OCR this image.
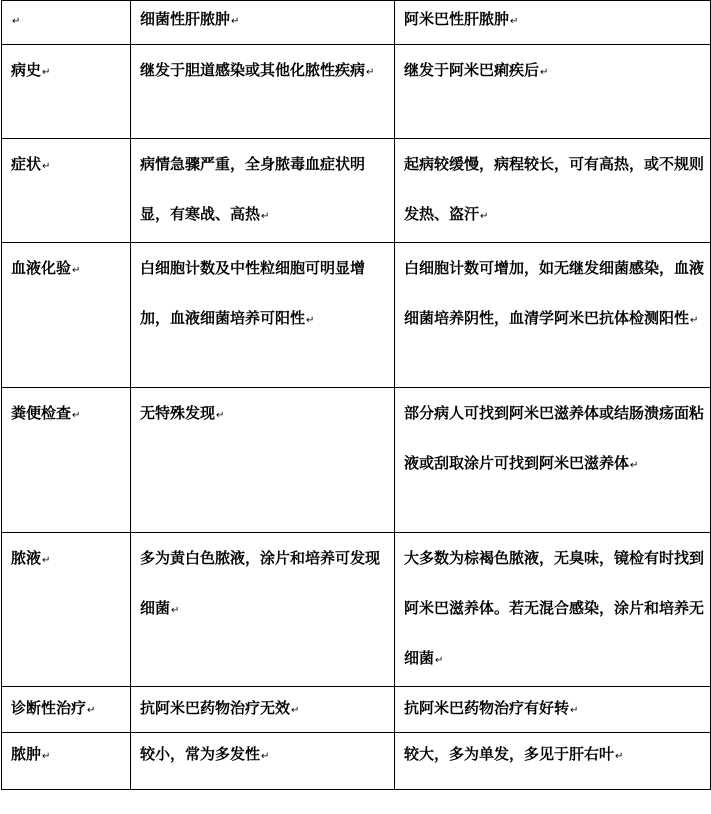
↵	细菌性肝脓肿↵	阿米巴性肝脓肿↵
病史↵	继发于胆道感染或其他化脓性疾病↵	继发于阿米巴痢疾后↵
症状↵	病情急骤严重，全身脓毒血症状明显，有寒战、高热↵	起病较缓慢，病程较长，可有高热，或不规则发热、盗汗↵
血液化验↵	白细胞计数及中性粒细胞可明显增加，血液细菌培养可阳性↵	白细胞计数可增加，如无继发细菌感染，血液细菌培养阴性，血清学阿米巴抗体检测阳性↵
粪便检查↵	无特殊发现↵	部分病人可找到阿米巴滋养体或结肠溃疡面粘液或刮取涂片可找到阿米巴滋养体↵
脓液↵	多为黄白色脓液，涂片和培养可发现细菌↵	大多数为棕褐色脓液，无臭味，镜检有时找到阿米巴滋养体。若无混合感染，涂片和培养无细菌↵
诊断性治疗↵	抗阿米巴药物治疗无效↵	抗阿米巴药物治疗有好转↵
脓肿↵	较小，常为多发性↵	较大，多为单发，多见于肝右叶↵
